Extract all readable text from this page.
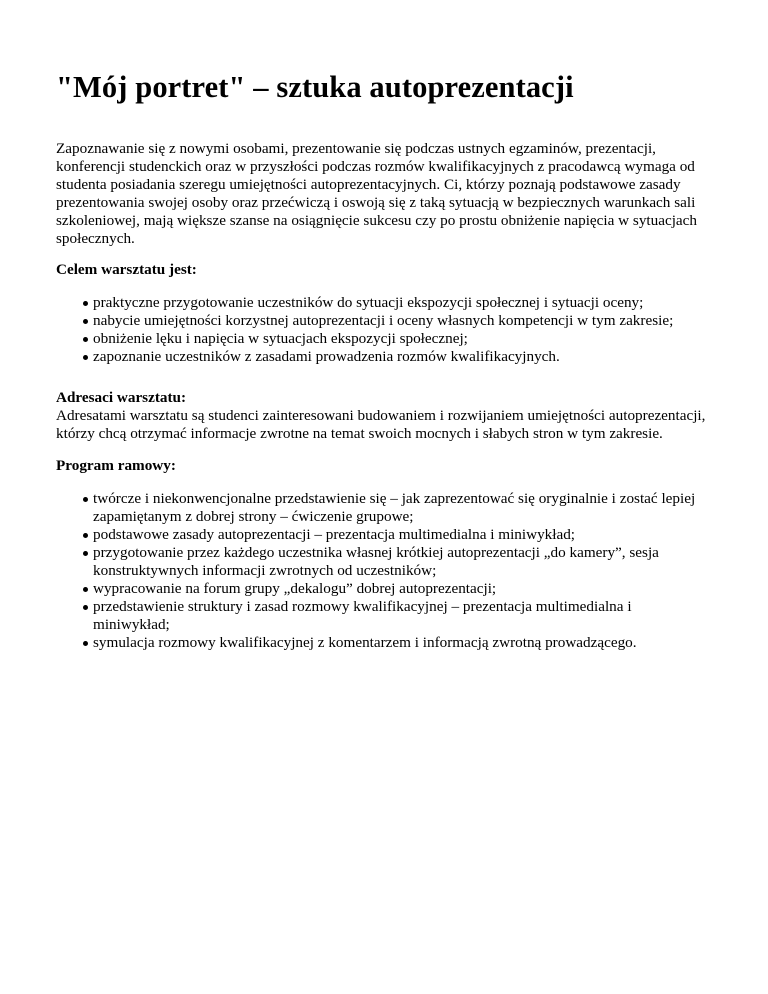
"Mój portret" – sztuka autoprezentacji

Zapoznawanie się z nowymi osobami, prezentowanie się podczas ustnych egzaminów, prezentacji, konferencji studenckich oraz w przyszłości podczas rozmów kwalifikacyjnych z pracodawcą wymaga od studenta posiadania szeregu umiejętności autoprezentacyjnych. Ci, którzy poznają podstawowe zasady prezentowania swojej osoby oraz przećwiczą i oswoją się z taką sytuacją w bezpiecznych warunkach sali szkoleniowej, mają większe szanse na osiągnięcie sukcesu czy po prostu obniżenie napięcia w sytuacjach społecznych.

Celem warsztatu jest:

praktyczne przygotowanie uczestników do sytuacji ekspozycji społecznej i sytuacji oceny;
nabycie umiejętności korzystnej autoprezentacji i oceny własnych kompetencji w tym zakresie;
obniżenie lęku i napięcia w sytuacjach ekspozycji społecznej;
zapoznanie uczestników z zasadami prowadzenia rozmów kwalifikacyjnych.

Adresaci warsztatu:

Adresatami warsztatu są studenci zainteresowani budowaniem i rozwijaniem umiejętności autoprezentacji, którzy chcą otrzymać informacje zwrotne na temat swoich mocnych i słabych stron w tym zakresie.

Program ramowy:

twórcze i niekonwencjonalne przedstawienie się – jak zaprezentować się oryginalnie i zostać lepiej zapamiętanym z dobrej strony – ćwiczenie grupowe;
podstawowe zasady autoprezentacji – prezentacja multimedialna i miniwykład;
przygotowanie przez każdego uczestnika własnej krótkiej autoprezentacji „do kamery”, sesja konstruktywnych informacji zwrotnych od uczestników;
wypracowanie na forum grupy „dekalogu” dobrej autoprezentacji;
przedstawienie struktury i zasad rozmowy kwalifikacyjnej – prezentacja multimedialna i miniwykład;
symulacja rozmowy kwalifikacyjnej z komentarzem i informacją zwrotną prowadzącego.
